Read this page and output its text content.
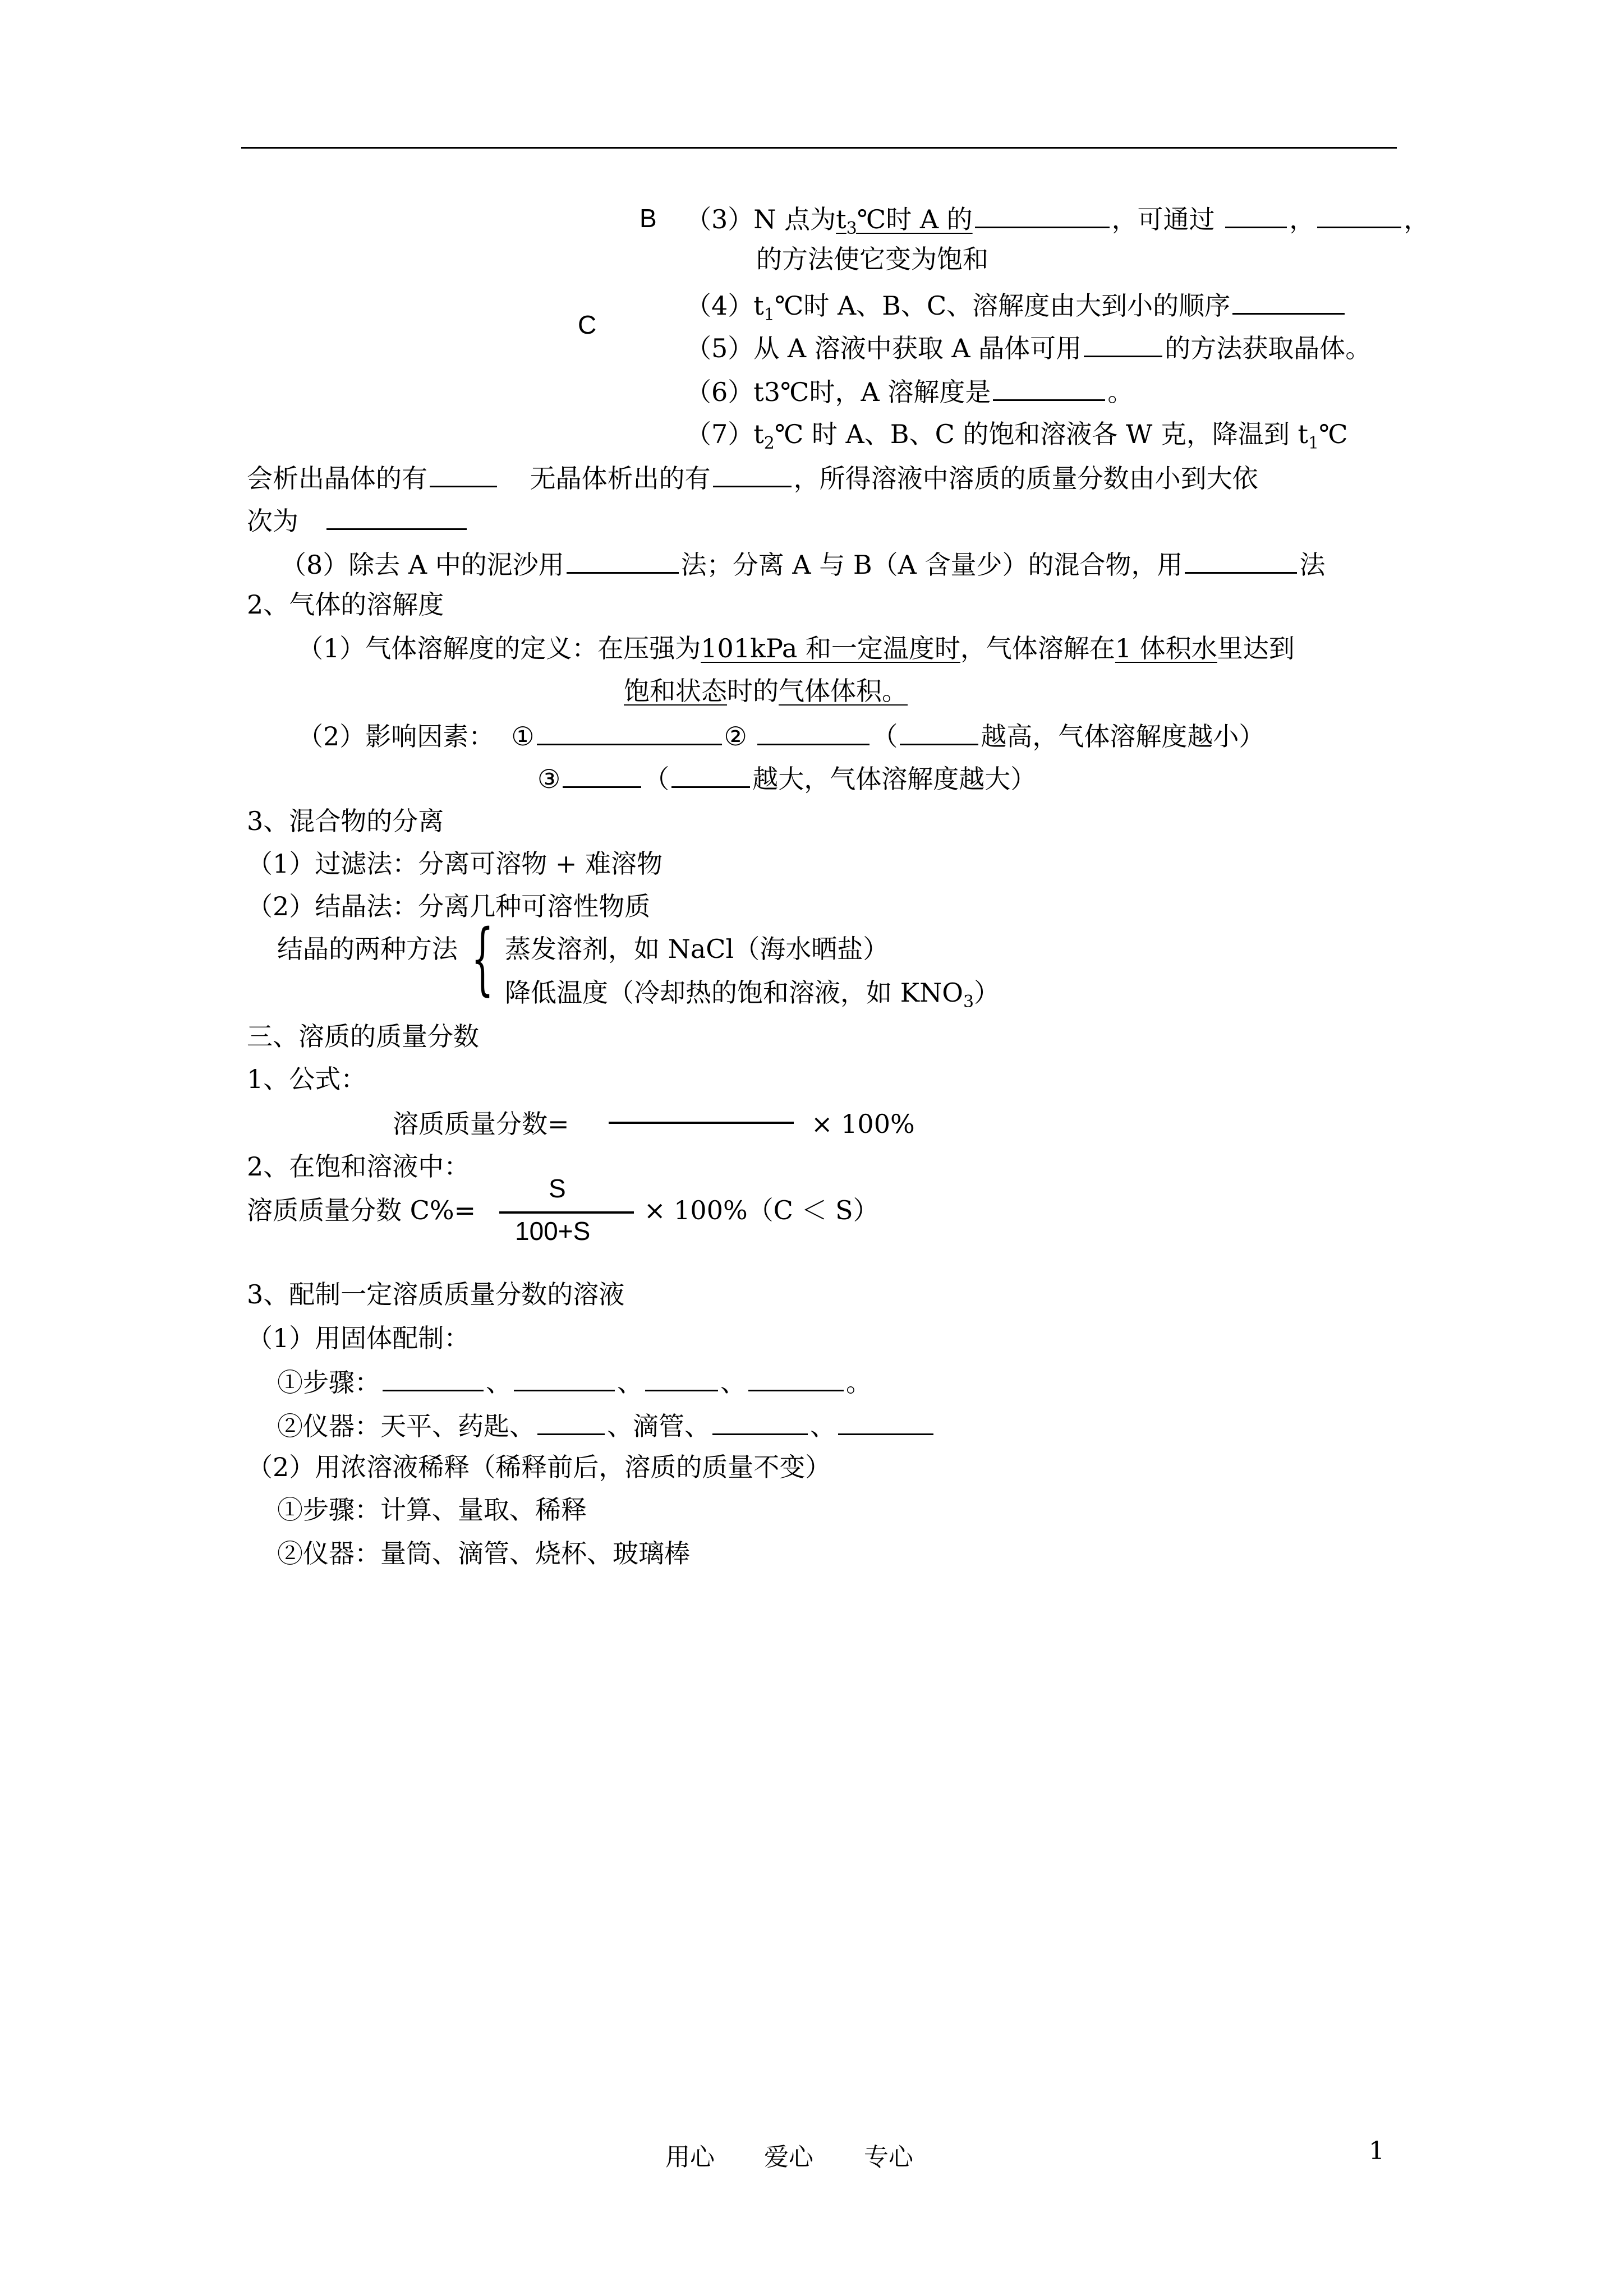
B
C
（3）N 点为$t_3℃$时 A 的	，可通过	，	，
的方法使它变为饱和
$(4)t_1℃$时 A、B、C、溶解度由大到小的顺序
（5）从 A 溶液中获取 A 晶体可用	的方法获取晶体。
（6）t3℃时，A 溶解度是	。
$(7)t_2℃$ 时 A、B、C 的饱和溶液各 W 克，降温到 $t_1℃$
会析出晶体的有	无晶体析出的有	，所得溶液中溶质的质量分数由小到大依
次为
（8）除去 A 中的泥沙用	法；分离 A 与 B（A 含量少）的混合物，用	法
2、气体的溶解度
（1）气体溶解度的定义：在压强为101kPa 和一定温度时，气体溶解在1 体积水里达到
饱和状态时的气体体积。
（2）影响因素： ①	②	（	越高，气体溶解度越小）
③	（	越大，气体溶解度越大）
3、混合物的分离
（1）过滤法：分离可溶物 + 难溶物
（2）结晶法：分离几种可溶性物质
结晶的两种方法 { 蒸发溶剂，如 NaCl（海水晒盐）
降低温度（冷却热的饱和溶液，如 $KNO_3$）
三、溶质的质量分数
1、公式：
溶质质量分数=	× 100%
2、在饱和溶液中：
S
溶质质量分数 C%=	× 100%（C ＜ S）
100+S
3、配制一定溶质质量分数的溶液
（1）用固体配制：
①步骤：	、	、	、	。
②仪器：天平、药匙、	、滴管、	、
（2）用浓溶液稀释（稀释前后，溶质的质量不变）
①步骤：计算、量取、稀释
②仪器：量筒、滴管、烧杯、玻璃棒
用心 爱心 专心	1
